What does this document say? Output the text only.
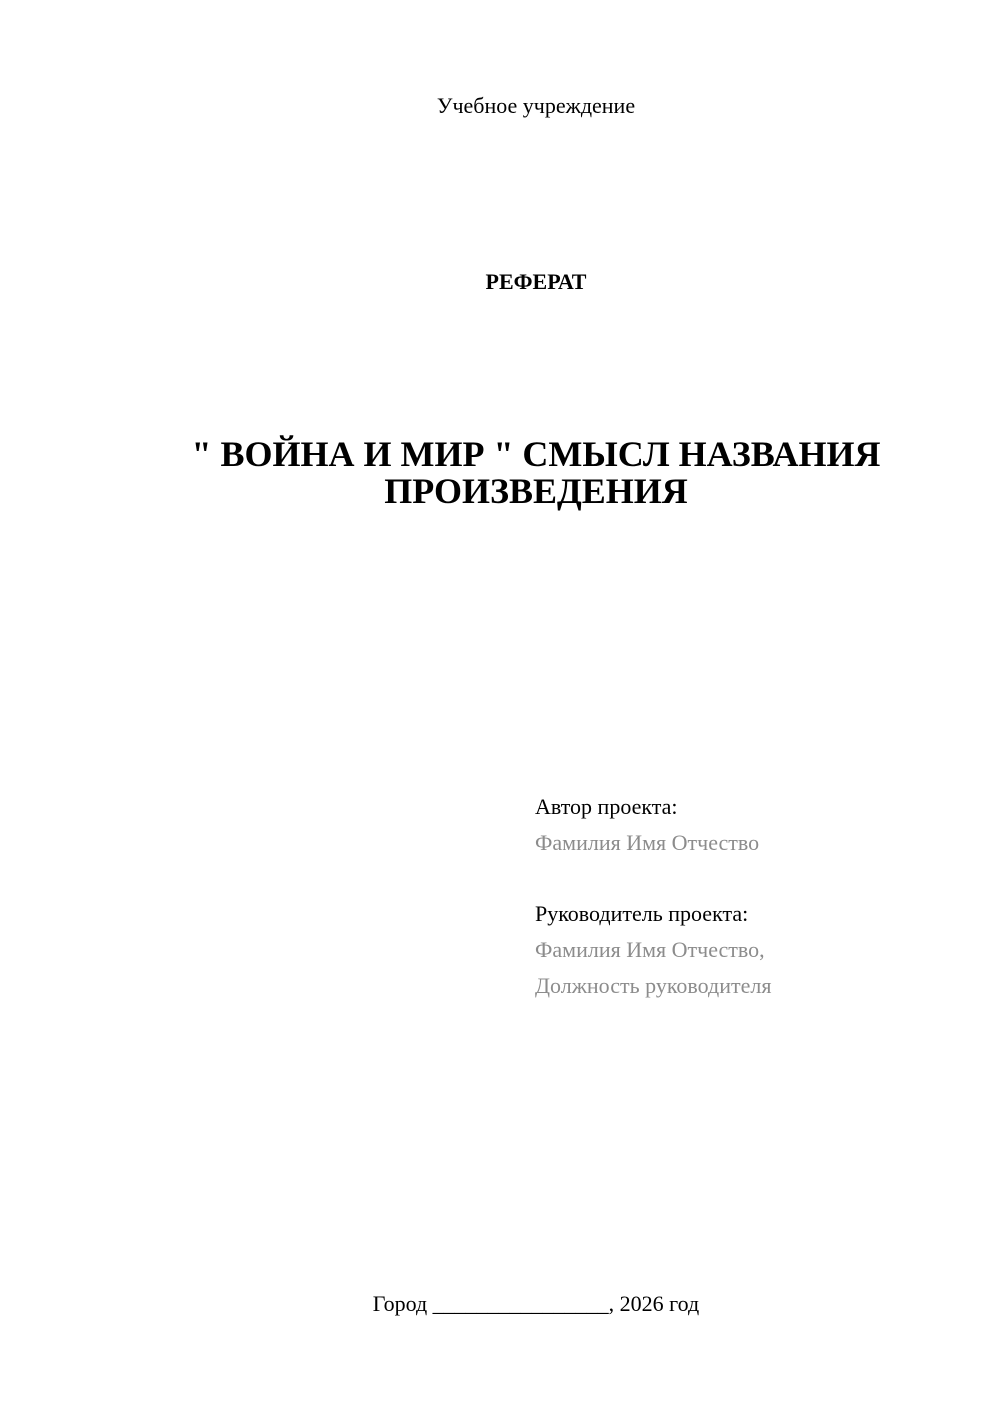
Учебное учреждение
РЕФЕРАТ
" ВОЙНА И МИР " СМЫСЛ НАЗВАНИЯ
ПРОИЗВЕДЕНИЯ
Автор проекта:
Фамилия Имя Отчество
Руководитель проекта:
Фамилия Имя Отчество,
Должность руководителя
Город ________________, 2026 год
